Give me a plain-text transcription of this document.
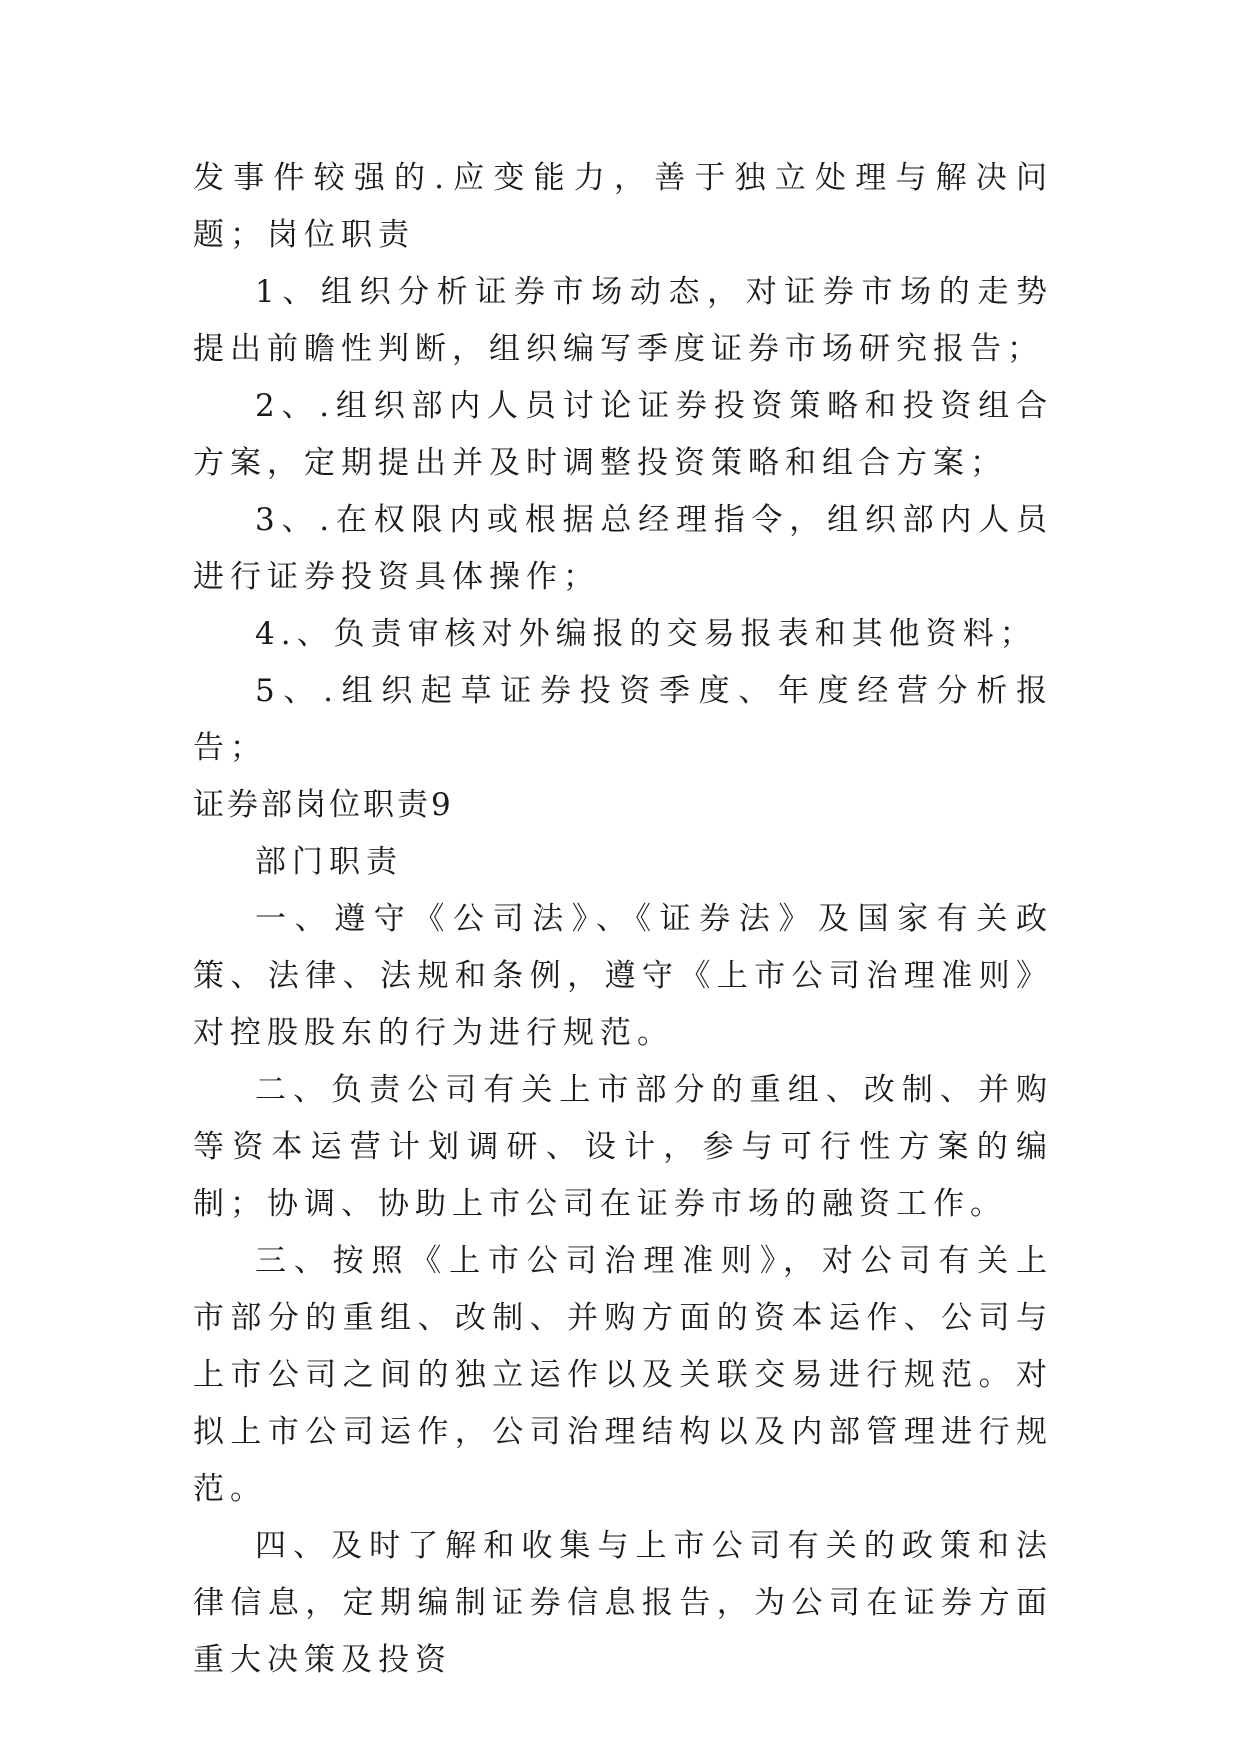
发事件较强的.应变能力，善于独立处理与解决问题；岗位职责

1、组织分析证券市场动态，对证券市场的走势提出前瞻性判断，组织编写季度证券市场研究报告；

2、.组织部内人员讨论证券投资策略和投资组合方案，定期提出并及时调整投资策略和组合方案；

3、.在权限内或根据总经理指令，组织部内人员进行证券投资具体操作；

4.、负责审核对外编报的交易报表和其他资料；

5、.组织起草证券投资季度、年度经营分析报告；

证券部岗位职责9

部门职责

一、遵守《公司法》、《证券法》及国家有关政策、法律、法规和条例，遵守《上市公司治理准则》对控股股东的行为进行规范。

二、负责公司有关上市部分的重组、改制、并购等资本运营计划调研、设计，参与可行性方案的编制；协调、协助上市公司在证券市场的融资工作。

三、按照《上市公司治理准则》，对公司有关上市部分的重组、改制、并购方面的资本运作、公司与上市公司之间的独立运作以及关联交易进行规范。对拟上市公司运作，公司治理结构以及内部管理进行规范。

四、及时了解和收集与上市公司有关的政策和法律信息，定期编制证券信息报告，为公司在证券方面重大决策及投资
